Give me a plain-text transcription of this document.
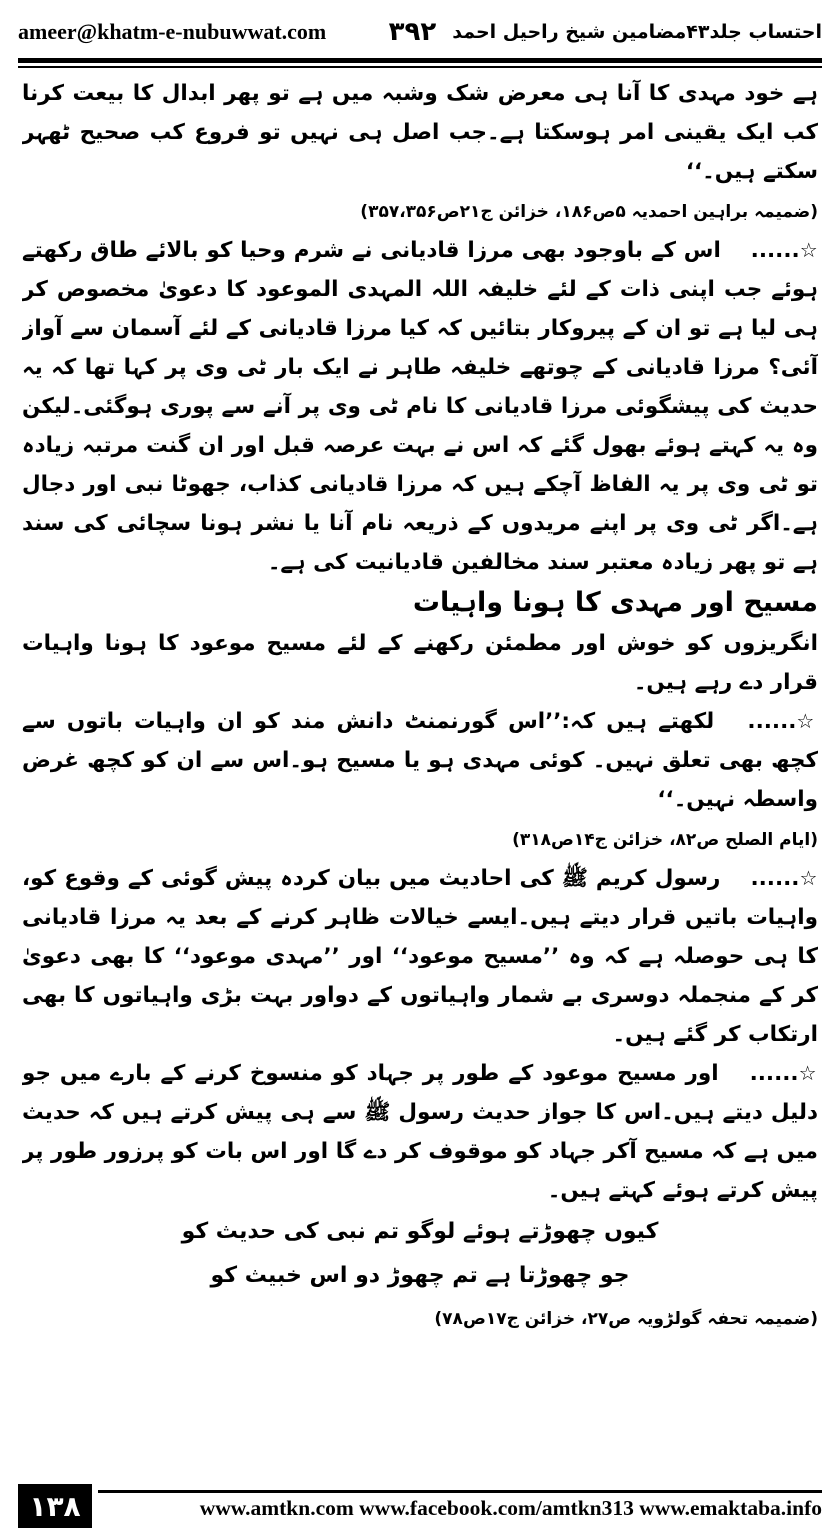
ameer@khatm-e-nubuwwat.com	احتساب جلد۴۳مضامین شیخ راحیل احمد
۳۹۲

ہے خود مہدی کا آنا ہی معرض شک وشبہ میں ہے تو پھر ابدال کا بیعت کرنا کب ایک یقینی امر ہوسکتا ہے۔جب اصل ہی نہیں تو فروع کب صحیح ٹھہر سکتے ہیں۔‘‘

(ضمیمہ براہین احمدیہ ۵ص۱۸۶، خزائن ج۲۱ص۳۵۷،۳۵۶)

☆...... اس کے باوجود بھی مرزا قادیانی نے شرم وحیا کو بالائے طاق رکھتے ہوئے جب اپنی ذات کے لئے خلیفہ اللہ المہدی الموعود کا دعویٰ مخصوص کر ہی لیا ہے تو ان کے پیروکار بتائیں کہ کیا مرزا قادیانی کے لئے آسمان سے آواز آئی؟ مرزا قادیانی کے چوتھے خلیفہ طاہر نے ایک بار ٹی وی پر کہا تھا کہ یہ حدیث کی پیشگوئی مرزا قادیانی کا نام ٹی وی پر آنے سے پوری ہوگئی۔لیکن وہ یہ کہتے ہوئے بھول گئے کہ اس نے بہت عرصہ قبل اور ان گنت مرتبہ زیادہ تو ٹی وی پر یہ الفاظ آچکے ہیں کہ مرزا قادیانی کذاب، جھوٹا نبی اور دجال ہے۔اگر ٹی وی پر اپنے مریدوں کے ذریعہ نام آنا یا نشر ہونا سچائی کی سند ہے تو پھر زیادہ معتبر سند مخالفین قادیانیت کی ہے۔

مسیح اور مہدی کا ہونا واہیات

انگریزوں کو خوش اور مطمئن رکھنے کے لئے مسیح موعود کا ہونا واہیات قرار دے رہے ہیں۔

☆...... لکھتے ہیں کہ:’’اس گورنمنٹ دانش مند کو ان واہیات باتوں سے کچھ بھی تعلق نہیں۔ کوئی مہدی ہو یا مسیح ہو۔اس سے ان کو کچھ غرض واسطہ نہیں۔‘‘

(ایام الصلح ص۸۲، خزائن ج۱۴ص۳۱۸)

☆...... رسول کریم ﷺ کی احادیث میں بیان کردہ پیش گوئی کے وقوع کو، واہیات باتیں قرار دیتے ہیں۔ایسے خیالات ظاہر کرنے کے بعد یہ مرزا قادیانی کا ہی حوصلہ ہے کہ وہ ’’مسیح موعود‘‘ اور ’’مہدی موعود‘‘ کا بھی دعویٰ کر کے منجملہ دوسری بے شمار واہیاتوں کے دواور بہت بڑی واہیاتوں کا بھی ارتکاب کر گئے ہیں۔

☆...... اور مسیح موعود کے طور پر جہاد کو منسوخ کرنے کے بارے میں جو دلیل دیتے ہیں۔اس کا جواز حدیث رسول ﷺ سے ہی پیش کرتے ہیں کہ حدیث میں ہے کہ مسیح آکر جہاد کو موقوف کر دے گا اور اس بات کو پرزور طور پر پیش کرتے ہوئے کہتے ہیں۔

کیوں چھوڑتے ہوئے لوگو تم نبی کی حدیث کو

جو چھوڑتا ہے تم چھوڑ دو اس خبیث کو

(ضمیمہ تحفہ گولڑویہ ص۲۷، خزائن ج۱۷ص۷۸)

۱۳۸	www.amtkn.com www.facebook.com/amtkn313 www.emaktaba.info
